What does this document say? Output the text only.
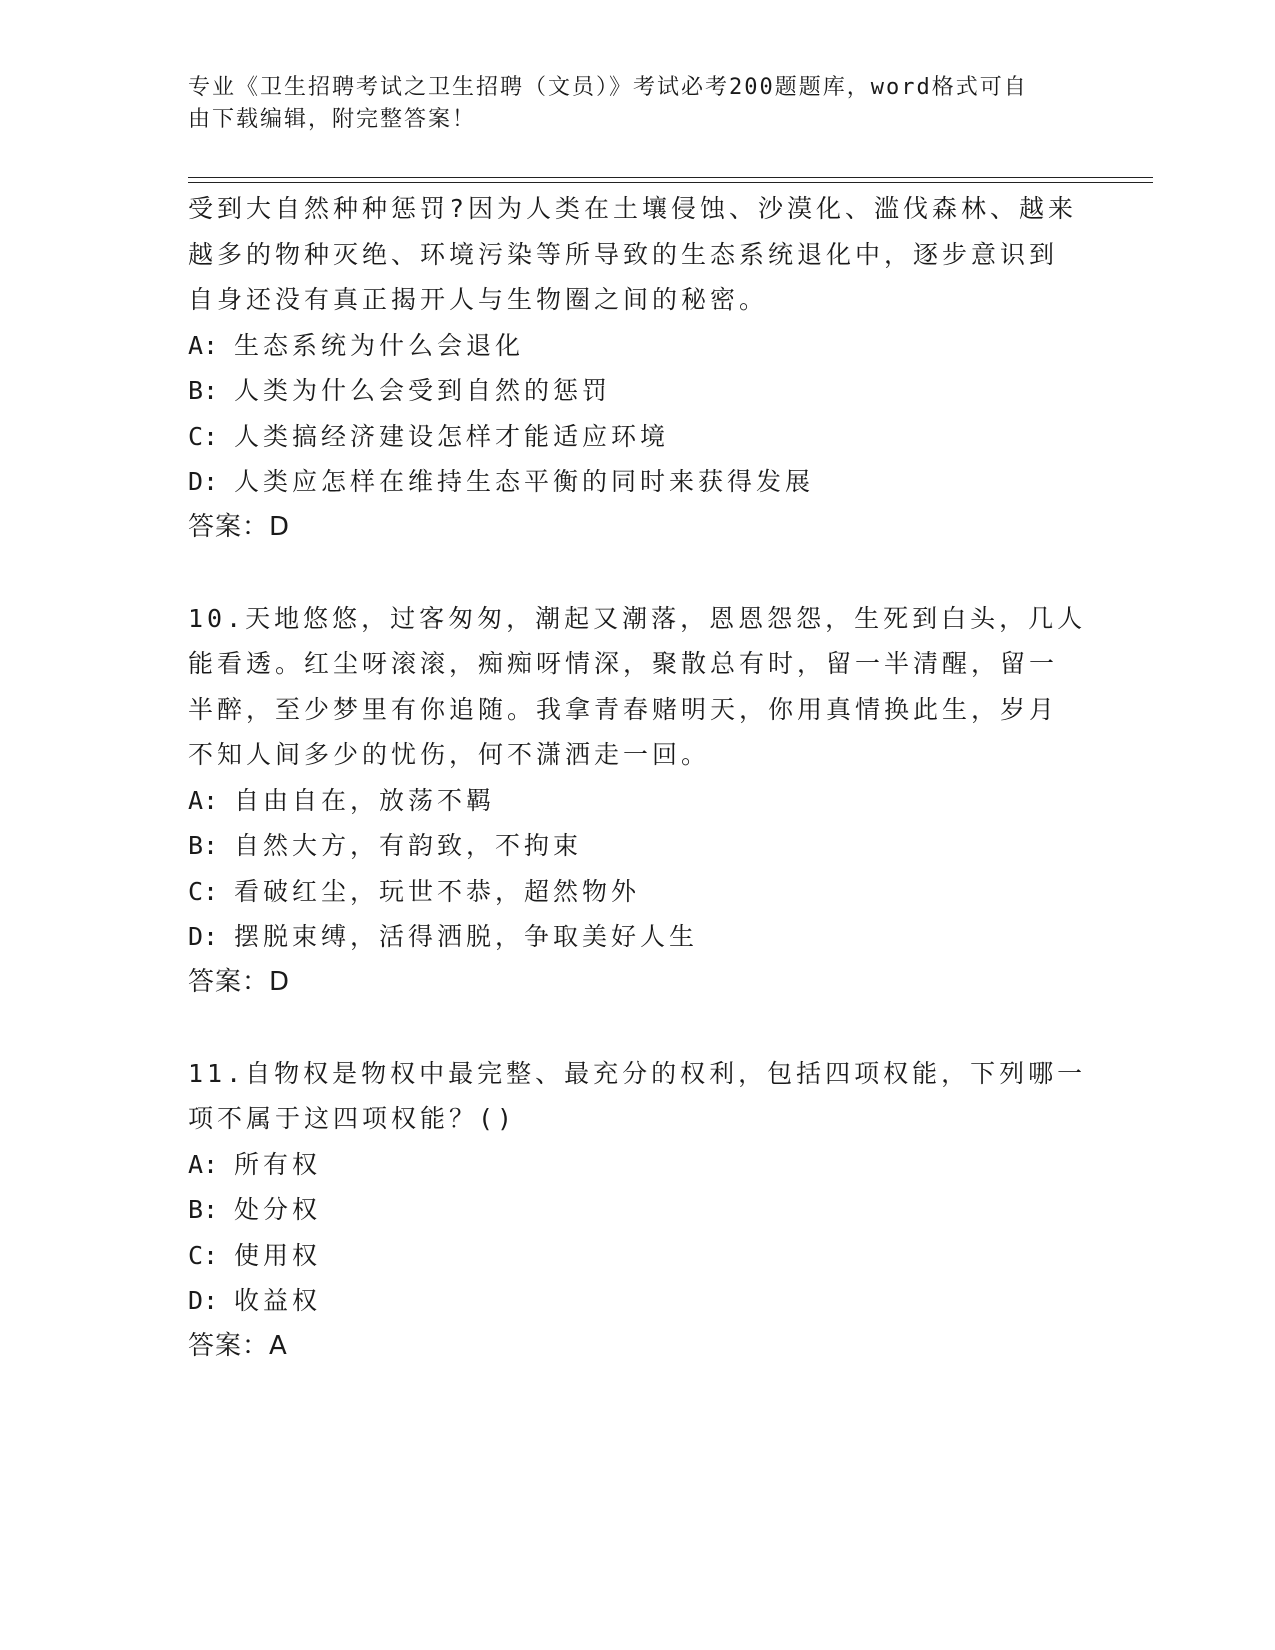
专业《卫生招聘考试之卫生招聘（文员）》考试必考200题题库，word格式可自
由下载编辑，附完整答案！
受到大自然种种惩罚?因为人类在土壤侵蚀、沙漠化、滥伐森林、越来
越多的物种灭绝、环境污染等所导致的生态系统退化中，逐步意识到
自身还没有真正揭开人与生物圈之间的秘密。
A: 生态系统为什么会退化
B: 人类为什么会受到自然的惩罚
C: 人类搞经济建设怎样才能适应环境
D: 人类应怎样在维持生态平衡的同时来获得发展
答案：D
10.天地悠悠，过客匆匆，潮起又潮落，恩恩怨怨，生死到白头，几人
能看透。红尘呀滚滚，痴痴呀情深，聚散总有时，留一半清醒，留一
半醉，至少梦里有你追随。我拿青春赌明天，你用真情换此生，岁月
不知人间多少的忧伤，何不潇洒走一回。
A: 自由自在，放荡不羁
B: 自然大方，有韵致，不拘束
C: 看破红尘，玩世不恭，超然物外
D: 摆脱束缚，活得洒脱，争取美好人生
答案：D
11.自物权是物权中最完整、最充分的权利，包括四项权能，下列哪一
项不属于这四项权能？()
A: 所有权
B: 处分权
C: 使用权
D: 收益权
答案：A
